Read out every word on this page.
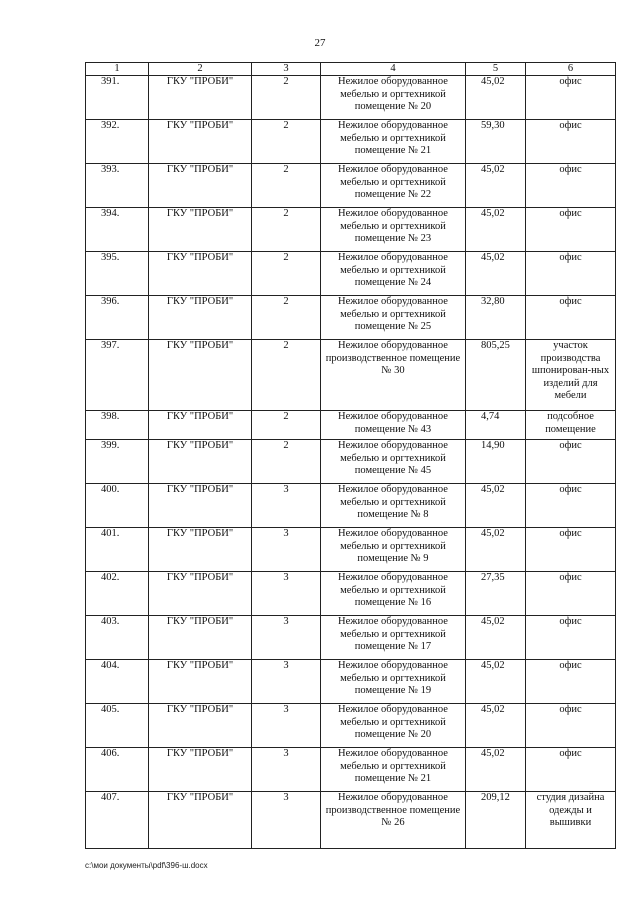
27
1	2	3	4	5	6
391.	ГКУ "ПРОБИ"	2	Нежилое оборудованное мебелью и оргтехникой помещение № 20	45,02	офис
392.	ГКУ "ПРОБИ"	2	Нежилое оборудованное мебелью и оргтехникой помещение № 21	59,30	офис
393.	ГКУ "ПРОБИ"	2	Нежилое оборудованное мебелью и оргтехникой помещение № 22	45,02	офис
394.	ГКУ "ПРОБИ"	2	Нежилое оборудованное мебелью и оргтехникой помещение № 23	45,02	офис
395.	ГКУ "ПРОБИ"	2	Нежилое оборудованное мебелью и оргтехникой помещение № 24	45,02	офис
396.	ГКУ "ПРОБИ"	2	Нежилое оборудованное мебелью и оргтехникой помещение № 25	32,80	офис
397.	ГКУ "ПРОБИ"	2	Нежилое оборудованное производственное помещение № 30	805,25	участок производства шпонирован-ных изделий для мебели
398.	ГКУ "ПРОБИ"	2	Нежилое оборудованное помещение № 43	4,74	подсобное помещение
399.	ГКУ "ПРОБИ"	2	Нежилое оборудованное мебелью и оргтехникой помещение № 45	14,90	офис
400.	ГКУ "ПРОБИ"	3	Нежилое оборудованное мебелью и оргтехникой помещение № 8	45,02	офис
401.	ГКУ "ПРОБИ"	3	Нежилое оборудованное мебелью и оргтехникой помещение № 9	45,02	офис
402.	ГКУ "ПРОБИ"	3	Нежилое оборудованное мебелью и оргтехникой помещение № 16	27,35	офис
403.	ГКУ "ПРОБИ"	3	Нежилое оборудованное мебелью и оргтехникой помещение № 17	45,02	офис
404.	ГКУ "ПРОБИ"	3	Нежилое оборудованное мебелью и оргтехникой помещение № 19	45,02	офис
405.	ГКУ "ПРОБИ"	3	Нежилое оборудованное мебелью и оргтехникой помещение № 20	45,02	офис
406.	ГКУ "ПРОБИ"	3	Нежилое оборудованное мебелью и оргтехникой помещение № 21	45,02	офис
407.	ГКУ "ПРОБИ"	3	Нежилое оборудованное производственное помещение № 26	209,12	студия дизайна одежды и вышивки
c:\мои документы\pdf\396-ш.docx
